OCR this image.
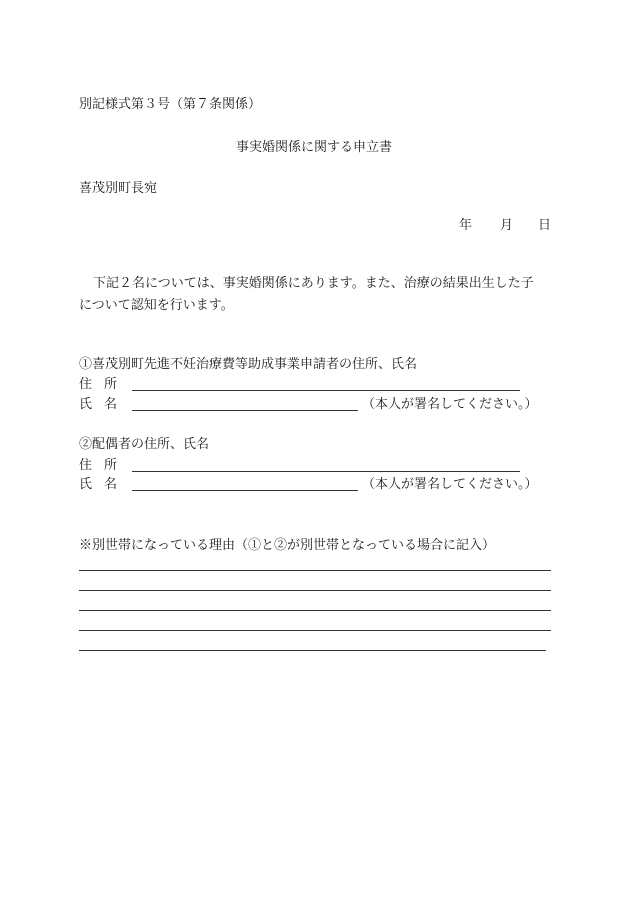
別記様式第３号（第７条関係）
事実婚関係に関する申立書
喜茂別町長宛
年 月 日
下記２名については、事実婚関係にあります。また、治療の結果出生した子
について認知を行います。
①喜茂別町先進不妊治療費等助成事業申請者の住所、氏名
住 所
氏 名	（本人が署名してください。）
②配偶者の住所、氏名
住 所
氏 名	（本人が署名してください。）
※別世帯になっている理由（①と②が別世帯となっている場合に記入）
